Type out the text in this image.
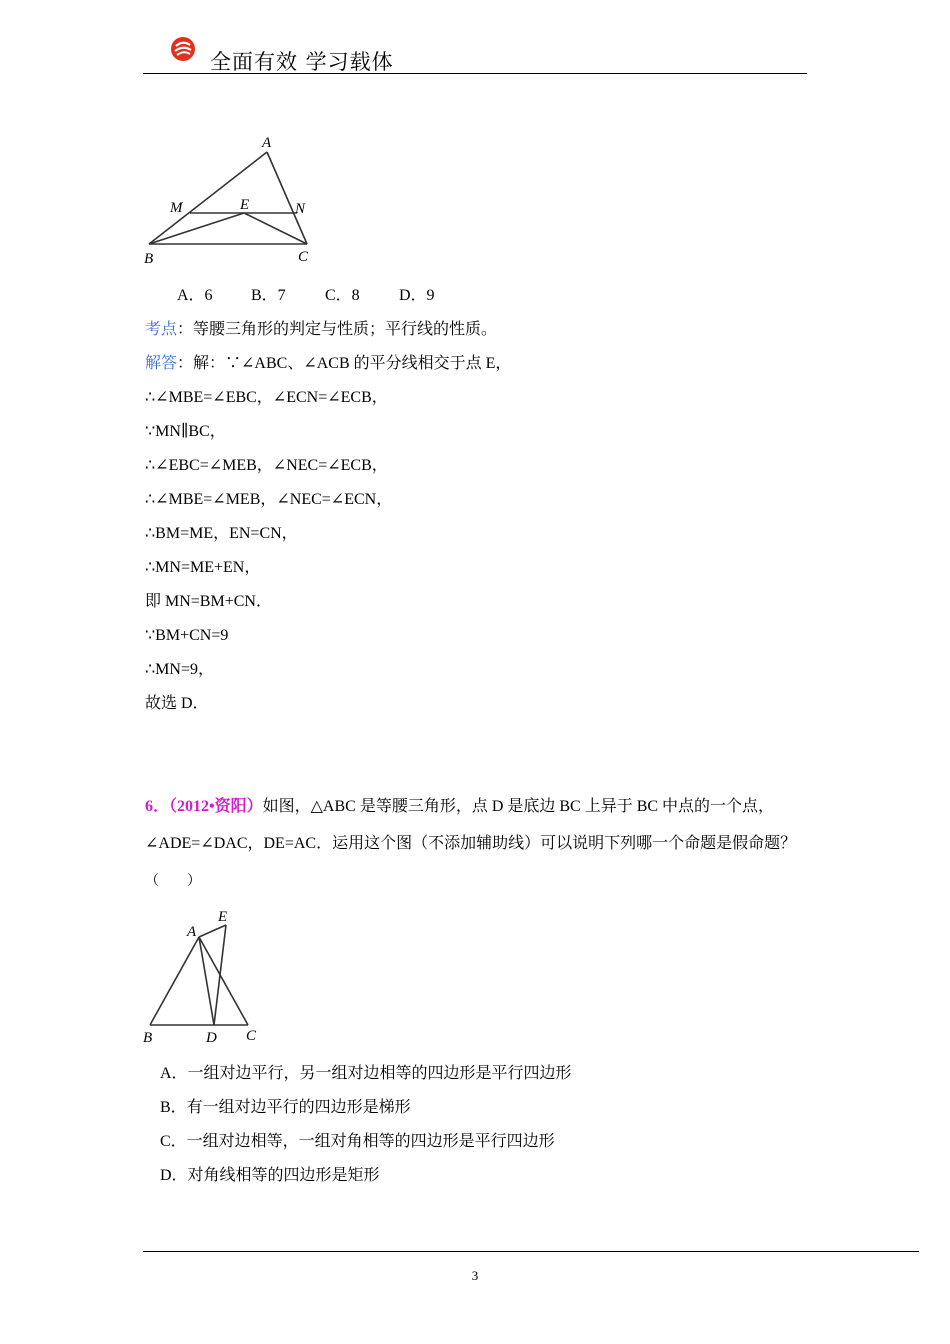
全面有效 学习载体
A
M	E	N
B	C
A．6 B．7 C．8 D．9
考点：等腰三角形的判定与性质；平行线的性质。
解答：解：∵∠ABC、∠ACB 的平分线相交于点 E，
∴∠MBE=∠EBC，∠ECN=∠ECB，
∵MN∥BC，
∴∠EBC=∠MEB，∠NEC=∠ECB，
∴∠MBE=∠MEB，∠NEC=∠ECN，
∴BM=ME，EN=CN，
∴MN=ME+EN，
即 MN=BM+CN．
∵BM+CN=9
∴MN=9，
故选 D．
6．（2012•资阳）如图，△ABC 是等腰三角形，点 D 是底边 BC 上异于 BC 中点的一个点，
∠ADE=∠DAC，DE=AC．运用这个图（不添加辅助线）可以说明下列哪一个命题是假命题？
（　　）
A
E
B	D C
A．一组对边平行，另一组对边相等的四边形是平行四边形
B．有一组对边平行的四边形是梯形
C．一组对边相等，一组对角相等的四边形是平行四边形
D．对角线相等的四边形是矩形
3
